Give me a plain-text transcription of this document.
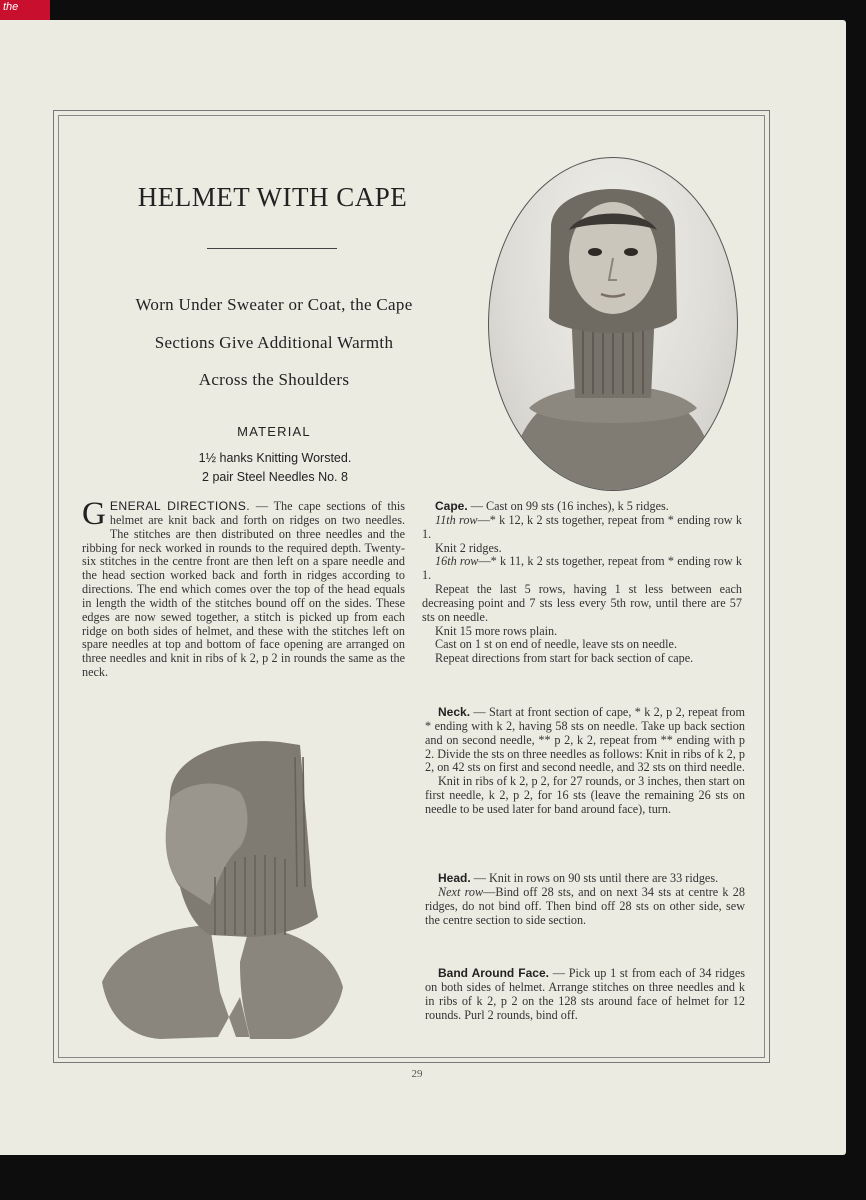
the
HELMET WITH CAPE
Worn Under Sweater or Coat, the Cape
Sections Give Additional Warmth
Across the Shoulders
MATERIAL
1½ hanks Knitting Worsted.
2 pair Steel Needles No. 8

GENERAL DIRECTIONS. — The cape sections of this helmet are knit back and forth on ridges on two needles. The stitches are then distributed on three needles and the ribbing for neck worked in rounds to the required depth. Twenty-six stitches in the centre front are then left on a spare needle and the head section worked back and forth in ridges according to directions. The end which comes over the top of the head equals in length the width of the stitches bound off on the sides. These edges are now sewed together, a stitch is picked up from each ridge on both sides of helmet, and these with the stitches left on spare needles at top and bottom of face opening are arranged on three needles and knit in ribs of k 2, p 2 in rounds the same as the neck.

Cape. — Cast on 99 sts (16 inches), k 5 ridges.

11th row—* k 12, k 2 sts together, repeat from * ending row k 1.

Knit 2 ridges.

16th row—* k 11, k 2 sts together, repeat from * ending row k 1.

Repeat the last 5 rows, having 1 st less between each decreasing point and 7 sts less every 5th row, until there are 57 sts on needle.

Knit 15 more rows plain.

Cast on 1 st on end of needle, leave sts on needle.

Repeat directions from start for back section of cape.

Neck. — Start at front section of cape, * k 2, p 2, repeat from * ending with k 2, having 58 sts on needle. Take up back section and on second needle, ** p 2, k 2, repeat from ** ending with p 2. Divide the sts on three needles as follows: Knit in ribs of k 2, p 2, on 42 sts on first and second needle, and 32 sts on third needle.

Knit in ribs of k 2, p 2, for 27 rounds, or 3 inches, then start on first needle, k 2, p 2, for 16 sts (leave the remaining 26 sts on needle to be used later for band around face), turn.

Head. — Knit in rows on 90 sts until there are 33 ridges.

Next row—Bind off 28 sts, and on next 34 sts at centre k 28 ridges, do not bind off. Then bind off 28 sts on other side, sew the centre section to side section.

Band Around Face. — Pick up 1 st from each of 34 ridges on both sides of helmet. Arrange stitches on three needles and k in ribs of k 2, p 2 on the 128 sts around face of helmet for 12 rounds. Purl 2 rounds, bind off.

29
